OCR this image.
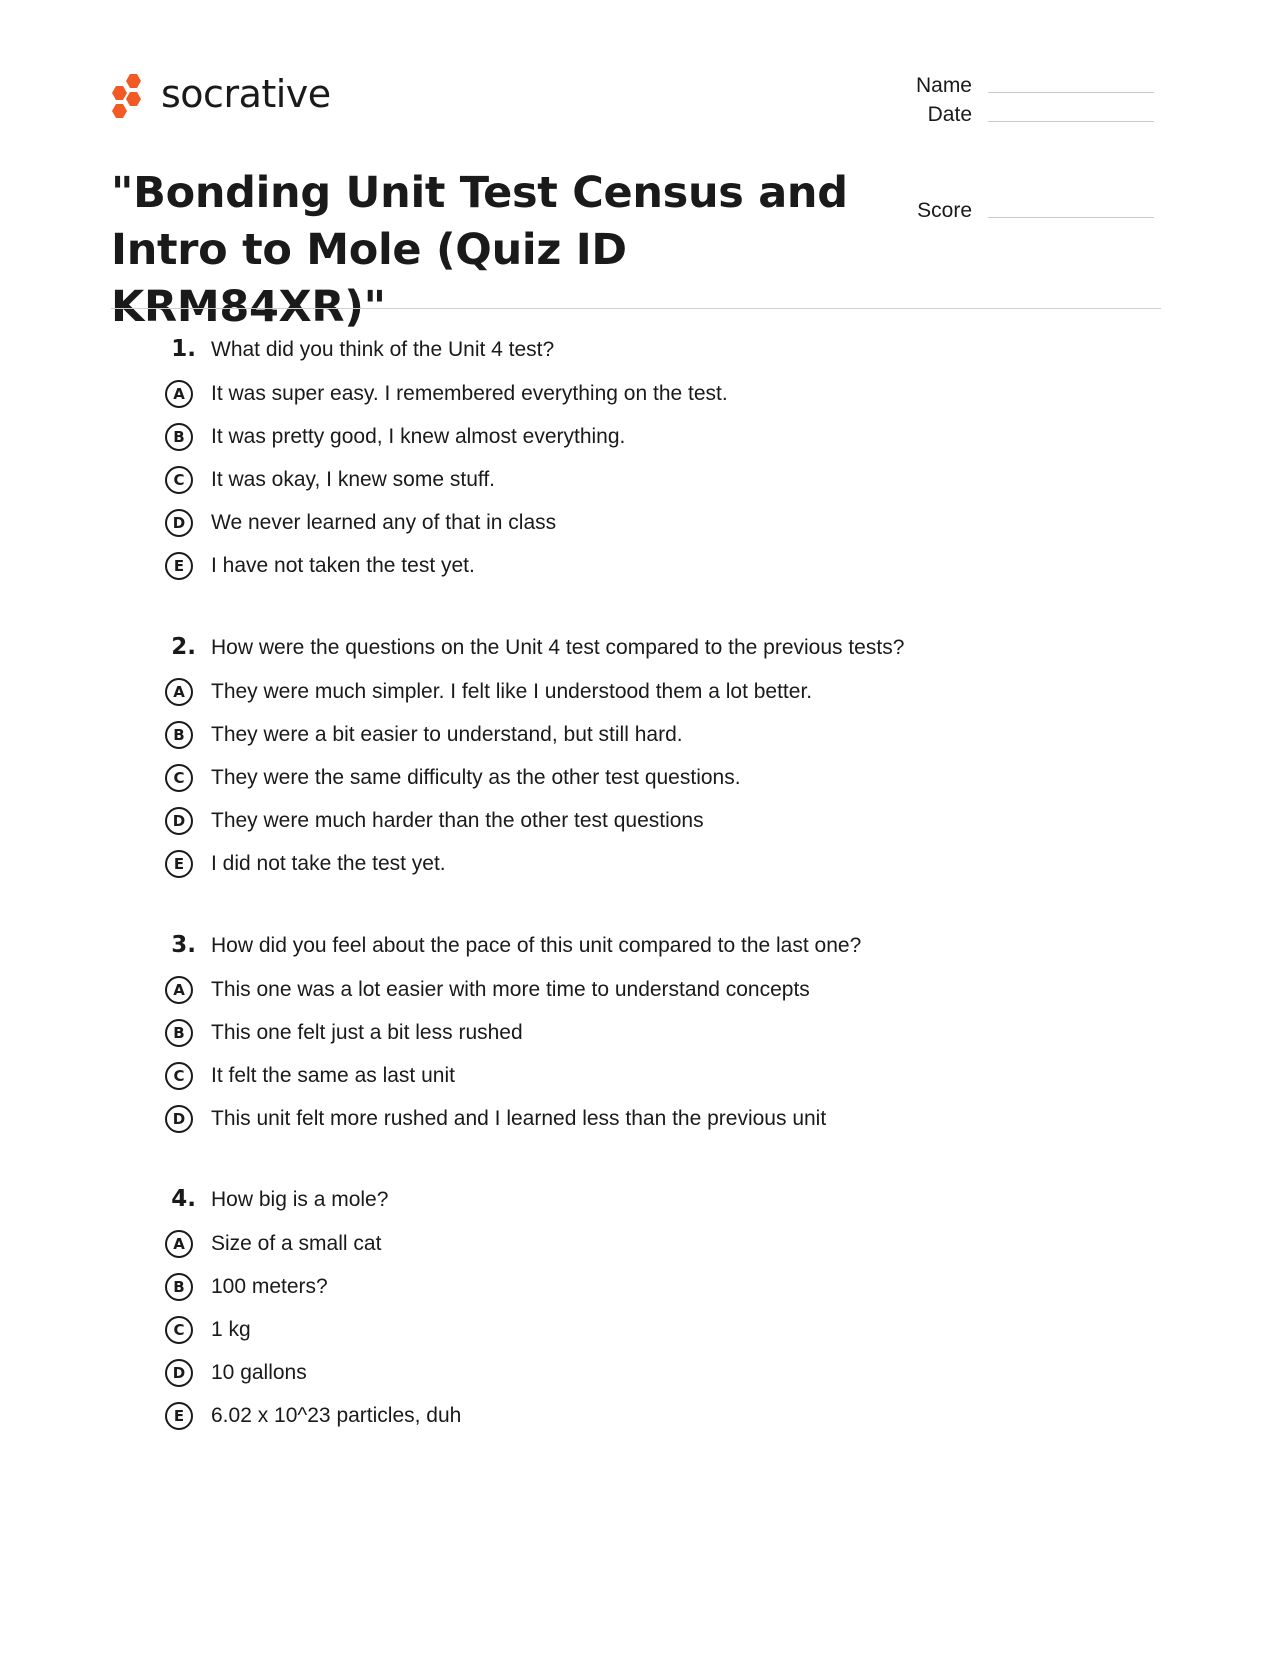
socrative	Name
Date
Score
"Bonding Unit Test Census and Intro to Mole (Quiz ID KRM84XR)"
1. What did you think of the Unit 4 test?
A	It was super easy. I remembered everything on the test.
B	It was pretty good, I knew almost everything.
C	It was okay, I knew some stuff.
D	We never learned any of that in class
E	I have not taken the test yet.
2. How were the questions on the Unit 4 test compared to the previous tests?
A	They were much simpler. I felt like I understood them a lot better.
B	They were a bit easier to understand, but still hard.
C	They were the same difficulty as the other test questions.
D	They were much harder than the other test questions
E	I did not take the test yet.
3. How did you feel about the pace of this unit compared to the last one?
A	This one was a lot easier with more time to understand concepts
B	This one felt just a bit less rushed
C	It felt the same as last unit
D	This unit felt more rushed and I learned less than the previous unit
4. How big is a mole?
A	Size of a small cat
B	100 meters?
C	1 kg
D	10 gallons
E	6.02 x 10^23 particles, duh
